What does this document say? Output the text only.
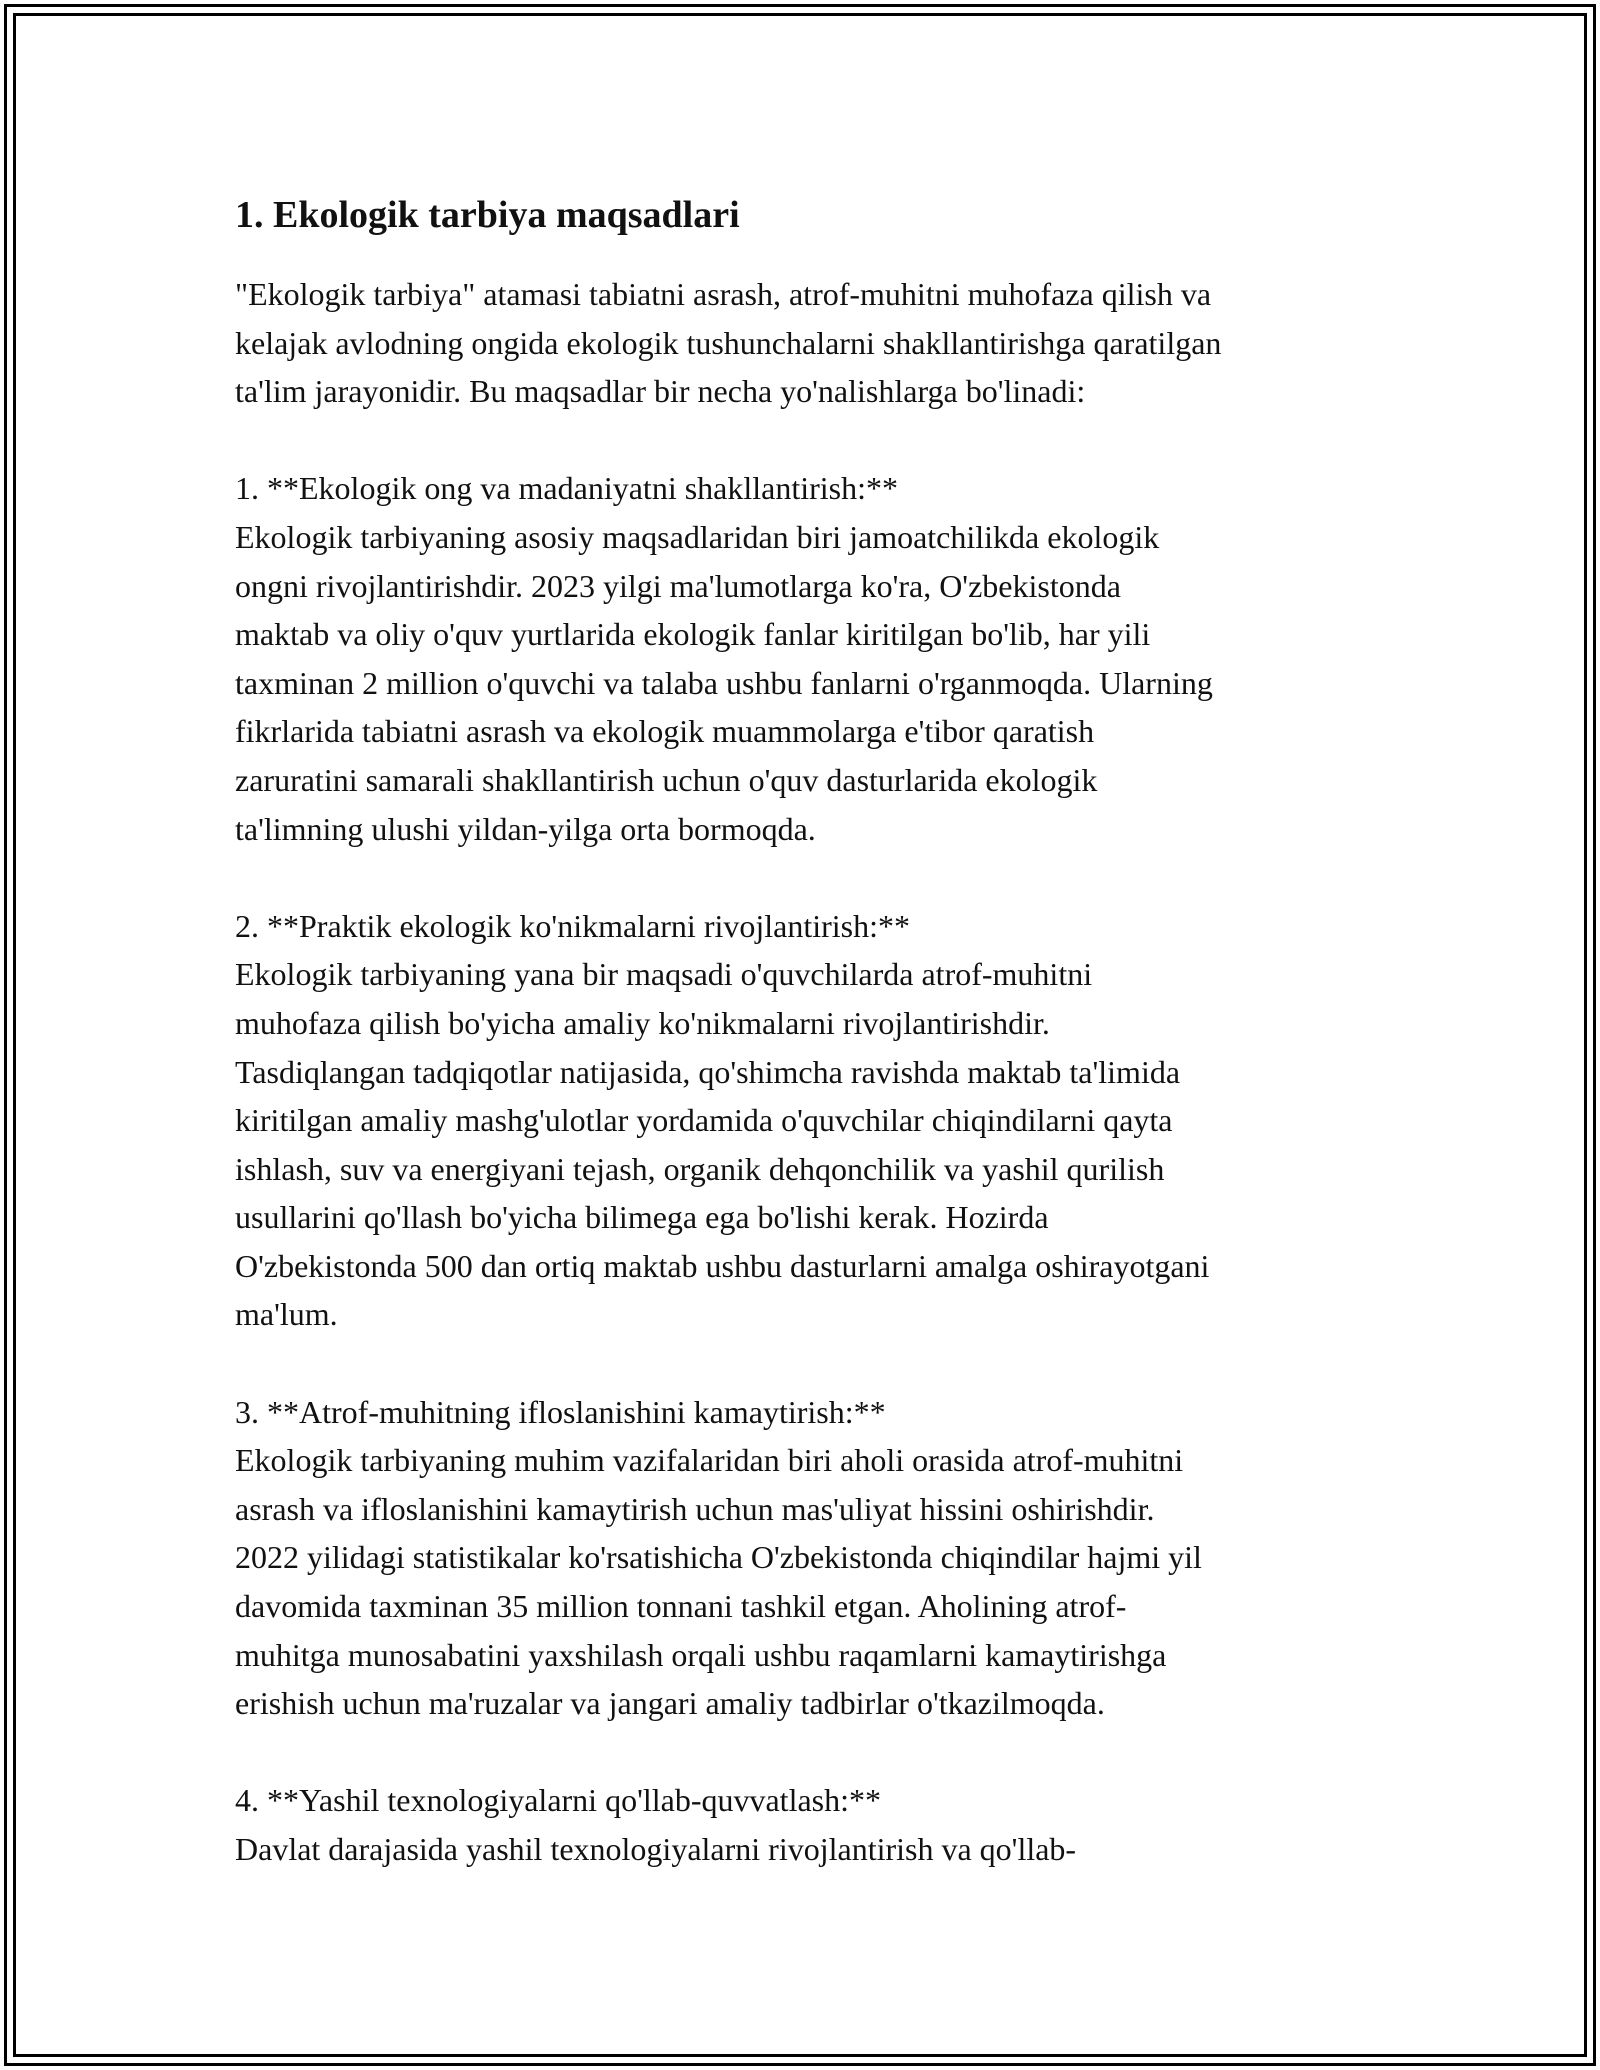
1. Ekologik tarbiya maqsadlari

"Ekologik tarbiya" atamasi tabiatni asrash, atrof-muhitni muhofaza qilish va
kelajak avlodning ongida ekologik tushunchalarni shakllantirishga qaratilgan
ta'lim jarayonidir. Bu maqsadlar bir necha yo'nalishlarga bo'linadi:

1. **Ekologik ong va madaniyatni shakllantirish:**

Ekologik tarbiyaning asosiy maqsadlaridan biri jamoatchilikda ekologik
ongni rivojlantirishdir. 2023 yilgi ma'lumotlarga ko'ra, O'zbekistonda
maktab va oliy o'quv yurtlarida ekologik fanlar kiritilgan bo'lib, har yili
taxminan 2 million o'quvchi va talaba ushbu fanlarni o'rganmoqda. Ularning
fikrlarida tabiatni asrash va ekologik muammolarga e'tibor qaratish
zaruratini samarali shakllantirish uchun o'quv dasturlarida ekologik
ta'limning ulushi yildan-yilga orta bormoqda.

2. **Praktik ekologik ko'nikmalarni rivojlantirish:**

Ekologik tarbiyaning yana bir maqsadi o'quvchilarda atrof-muhitni
muhofaza qilish bo'yicha amaliy ko'nikmalarni rivojlantirishdir.
Tasdiqlangan tadqiqotlar natijasida, qo'shimcha ravishda maktab ta'limida
kiritilgan amaliy mashg'ulotlar yordamida o'quvchilar chiqindilarni qayta
ishlash, suv va energiyani tejash, organik dehqonchilik va yashil qurilish
usullarini qo'llash bo'yicha bilimega ega bo'lishi kerak. Hozirda
O'zbekistonda 500 dan ortiq maktab ushbu dasturlarni amalga oshirayotgani
ma'lum.

3. **Atrof-muhitning ifloslanishini kamaytirish:**

Ekologik tarbiyaning muhim vazifalaridan biri aholi orasida atrof-muhitni
asrash va ifloslanishini kamaytirish uchun mas'uliyat hissini oshirishdir.
2022 yilidagi statistikalar ko'rsatishicha O'zbekistonda chiqindilar hajmi yil
davomida taxminan 35 million tonnani tashkil etgan. Aholining atrof-
muhitga munosabatini yaxshilash orqali ushbu raqamlarni kamaytirishga
erishish uchun ma'ruzalar va jangari amaliy tadbirlar o'tkazilmoqda.

4. **Yashil texnologiyalarni qo'llab-quvvatlash:**

Davlat darajasida yashil texnologiyalarni rivojlantirish va qo'llab-
